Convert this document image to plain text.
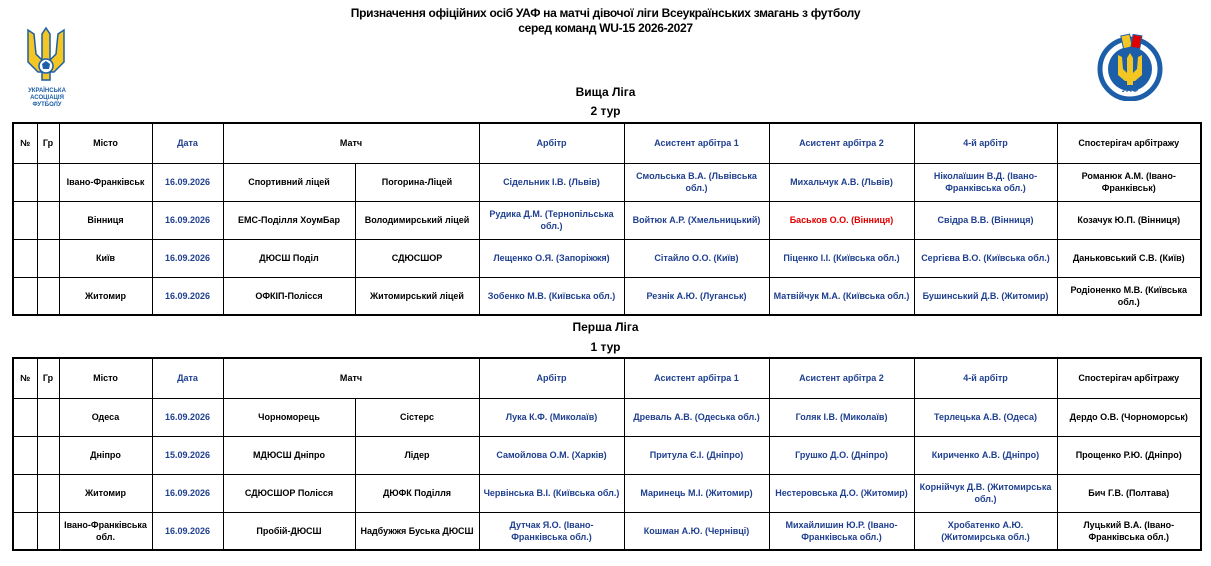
Призначення офіційних осіб УАФ на матчі дівочої ліги Всеукраїнських змагань з футболу
серед команд WU-15 2026-2027
УКРАЇНСЬКА
АСОЦІАЦІЯ
ФУТБОЛУ
УАФ
Вища Ліга
2 тур
№	Гр	Місто	Дата	Матч		Арбітр	Асистент арбітра 1	Асистент арбітра 2	4-й арбітр	Спостерігач арбітражу
		Івано-Франківськ	16.09.2026	Спортивний ліцей	Погорина-Ліцей	Сідельник І.В. (Львів)	Смольська В.А. (Львівська обл.)	Михальчук А.В. (Львів)	Ніколаїшин В.Д. (Івано-Франківська обл.)	Романюк А.М. (Івано-Франківськ)
		Вінниця	16.09.2026	ЕМС-Поділля ХоумБар	Володимирський ліцей	Рудика Д.М. (Тернопільська обл.)	Войтюк А.Р. (Хмельницький)	Баськов О.О. (Вінниця)	Свідра В.В. (Вінниця)	Козачук Ю.П. (Вінниця)
		Київ	16.09.2026	ДЮСШ Поділ	СДЮСШОР	Лещенко О.Я. (Запоріжжя)	Сітайло О.О. (Київ)	Піценко І.І. (Київська обл.)	Сергієва В.О. (Київська обл.)	Даньковський С.В. (Київ)
		Житомир	16.09.2026	ОФКІП-Полісся	Житомирський ліцей	Зобенко М.В. (Київська обл.)	Резнік А.Ю. (Луганськ)	Матвійчук М.А. (Київська обл.)	Бушинський Д.В. (Житомир)	Родіоненко М.В. (Київська обл.)
Перша Ліга
1 тур
№	Гр	Місто	Дата	Матч		Арбітр	Асистент арбітра 1	Асистент арбітра 2	4-й арбітр	Спостерігач арбітражу
		Одеса	16.09.2026	Чорноморець	Сістерс	Лука К.Ф. (Миколаїв)	Древаль А.В. (Одеська обл.)	Голяк І.В. (Миколаїв)	Терлецька А.В. (Одеса)	Дердо О.В. (Чорноморськ)
		Дніпро	15.09.2026	МДЮСШ Дніпро	Лідер	Самойлова О.М. (Харків)	Притула Є.І. (Дніпро)	Грушко Д.О. (Дніпро)	Кириченко А.В. (Дніпро)	Прощенко Р.Ю. (Дніпро)
		Житомир	16.09.2026	СДЮСШОР Полісся	ДЮФК Поділля	Червінська В.І. (Київська обл.)	Маринець М.І. (Житомир)	Нестеровська Д.О. (Житомир)	Корнійчук Д.В. (Житомирська обл.)	Бич Г.В. (Полтава)
		Івано-Франківська обл.	16.09.2026	Пробій-ДЮСШ	Надбужжя Буська ДЮСШ	Дутчак Я.О. (Івано-Франківська обл.)	Кошман А.Ю. (Чернівці)	Михайлишин Ю.Р. (Івано-Франківська обл.)	Хробатенко А.Ю. (Житомирська обл.)	Луцький В.А. (Івано-Франківська обл.)
